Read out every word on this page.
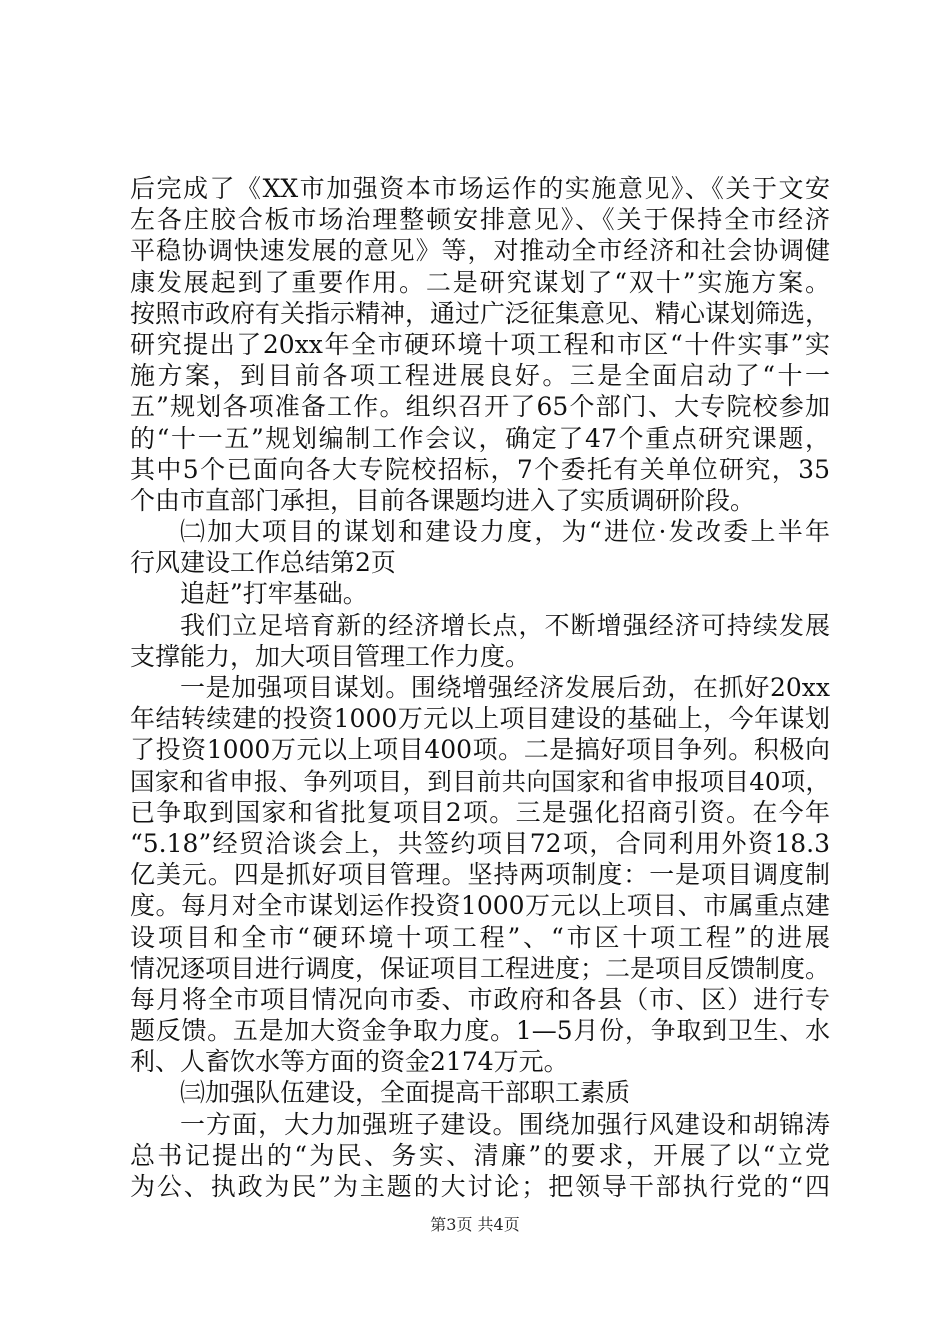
后完成了《XX市加强资本市场运作的实施意见》、《关于文安
左各庄胶合板市场治理整顿安排意见》、《关于保持全市经济
平稳协调快速发展的意见》等，对推动全市经济和社会协调健
康发展起到了重要作用。二是研究谋划了“双十”实施方案。
按照市政府有关指示精神，通过广泛征集意见、精心谋划筛选，
研究提出了20xx年全市硬环境十项工程和市区“十件实事”实
施方案，到目前各项工程进展良好。三是全面启动了“十一
五”规划各项准备工作。组织召开了65个部门、大专院校参加
的“十一五”规划编制工作会议，确定了47个重点研究课题，
其中5个已面向各大专院校招标，7个委托有关单位研究，35
个由市直部门承担，目前各课题均进入了实质调研阶段。
㈡加大项目的谋划和建设力度，为“进位·发改委上半年
行风建设工作总结第2页
追赶”打牢基础。
我们立足培育新的经济增长点，不断增强经济可持续发展
支撑能力，加大项目管理工作力度。
一是加强项目谋划。围绕增强经济发展后劲，在抓好20xx
年结转续建的投资1000万元以上项目建设的基础上，今年谋划
了投资1000万元以上项目400项。二是搞好项目争列。积极向
国家和省申报、争列项目，到目前共向国家和省申报项目40项，
已争取到国家和省批复项目2项。三是强化招商引资。在今年
“5.18”经贸洽谈会上，共签约项目72项，合同利用外资18.3
亿美元。四是抓好项目管理。坚持两项制度：一是项目调度制
度。每月对全市谋划运作投资1000万元以上项目、市属重点建
设项目和全市“硬环境十项工程”、“市区十项工程”的进展
情况逐项目进行调度，保证项目工程进度；二是项目反馈制度。
每月将全市项目情况向市委、市政府和各县（市、区）进行专
题反馈。五是加大资金争取力度。1—5月份，争取到卫生、水
利、人畜饮水等方面的资金2174万元。
㈢加强队伍建设，全面提高干部职工素质
一方面，大力加强班子建设。围绕加强行风建设和胡锦涛
总书记提出的“为民、务实、清廉”的要求，开展了以“立党
为公、执政为民”为主题的大讨论；把领导干部执行党的“四
第3页 共4页
